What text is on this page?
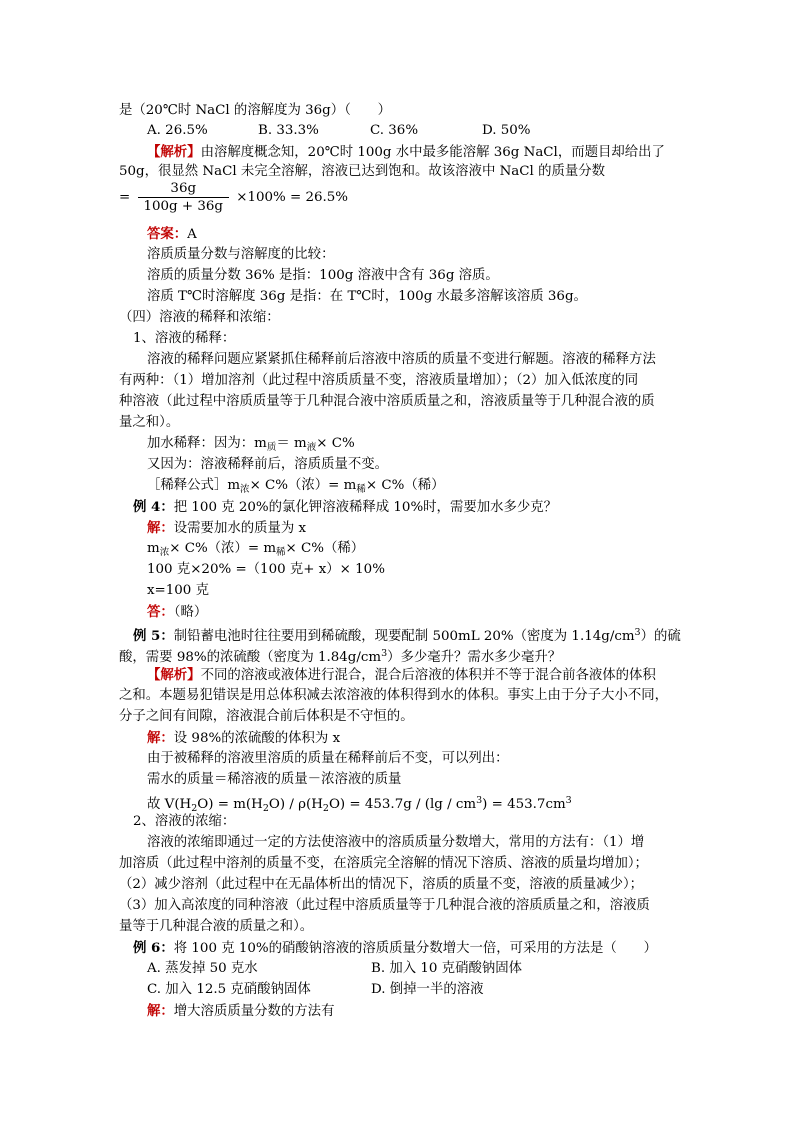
是（20℃时 NaCl 的溶解度为 36g）（　　）
A. 26.5%	B. 33.3%	C. 36%	D. 50%
【解析】由溶解度概念知，20℃时 100g 水中最多能溶解 36g NaCl，而题目却给出了
50g，很显然 NaCl 未完全溶解，溶液已达到饱和。故该溶液中 NaCl 的质量分数
= $\frac{36g}{100g + 36g} \times 100\% = 26.5\%$
答案：A
溶质质量分数与溶解度的比较：
溶质的质量分数 36% 是指：100g 溶液中含有 36g 溶质。
溶质 T℃时溶解度 36g 是指：在 T℃时，100g 水最多溶解该溶质 36g。
（四）溶液的稀释和浓缩：
1、溶液的稀释：
溶液的稀释问题应紧紧抓住稀释前后溶液中溶质的质量不变进行解题。溶液的稀释方法
有两种：（1）增加溶剂（此过程中溶质质量不变，溶液质量增加）；（2）加入低浓度的同
种溶液（此过程中溶质质量等于几种混合液中溶质质量之和，溶液质量等于几种混合液的质
量之和）。
加水稀释：因为：$m_质= m_液\times C\%$
又因为：溶液稀释前后，溶质质量不变。
［稀释公式$]m_浓\times C\%$（浓）= $m_稀\times C\%$（稀）
例 4：把 100 克 20%的氯化钾溶液稀释成 10%时，需要加水多少克？
解：设需要加水的质量为 x
$m_浓\times C\%$（浓）= $m_稀\times C\%$（稀）
100 克×20% =（100 克+ x）× 10%
x=100 克
答：（略）
例 5：制铅蓄电池时往往要用到稀硫酸，现要配制 500mL 20%（密度为 $1.14g/cm^3$）的硫
酸，需要 98%的浓硫酸（密度为 $1.84g/cm^3$）多少毫升？需水多少毫升？
【解析】不同的溶液或液体进行混合，混合后溶液的体积并不等于混合前各液体的体积
之和。本题易犯错误是用总体积减去浓溶液的体积得到水的体积。事实上由于分子大小不同，
分子之间有间隙，溶液混合前后体积是不守恒的。
解：设 98%的浓硫酸的体积为 x
由于被稀释的溶液里溶质的质量在稀释前后不变，可以列出：
需水的质量＝稀溶液的质量－浓溶液的质量
故 $V(H_2O) = m(H_2O) / \rho(H_2O) = 453.7g / (\lg / cm^3) = 453.7cm^3$
2、溶液的浓缩：
溶液的浓缩即通过一定的方法使溶液中的溶质质量分数增大，常用的方法有：（1）增
加溶质（此过程中溶剂的质量不变，在溶质完全溶解的情况下溶质、溶液的质量均增加）；
（2）减少溶剂（此过程中在无晶体析出的情况下，溶质的质量不变，溶液的质量减少）；
（3）加入高浓度的同种溶液（此过程中溶质质量等于几种混合液的溶质质量之和，溶液质
量等于几种混合液的质量之和）。
例 6：将 100 克 10%的硝酸钠溶液的溶质质量分数增大一倍，可采用的方法是（　　）
A. 蒸发掉 50 克水	B. 加入 10 克硝酸钠固体
C. 加入 12.5 克硝酸钠固体	D. 倒掉一半的溶液
解：增大溶质质量分数的方法有
